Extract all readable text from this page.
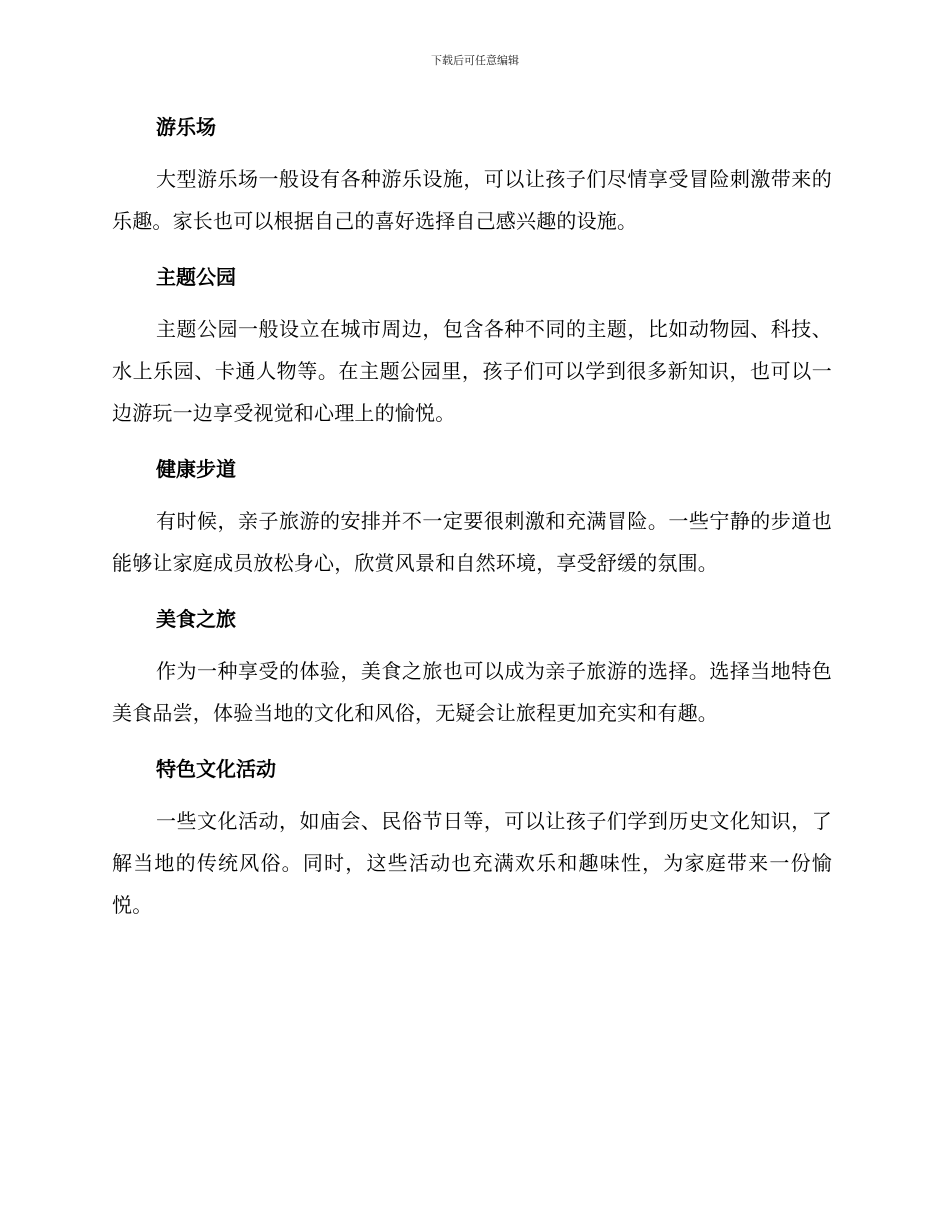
下载后可任意编辑
游乐场

大型游乐场一般设有各种游乐设施，可以让孩子们尽情享受冒险刺激带来的乐趣。家长也可以根据自己的喜好选择自己感兴趣的设施。

主题公园

主题公园一般设立在城市周边，包含各种不同的主题，比如动物园、科技、水上乐园、卡通人物等。在主题公园里，孩子们可以学到很多新知识，也可以一边游玩一边享受视觉和心理上的愉悦。

健康步道

有时候，亲子旅游的安排并不一定要很刺激和充满冒险。一些宁静的步道也能够让家庭成员放松身心，欣赏风景和自然环境，享受舒缓的氛围。

美食之旅

作为一种享受的体验，美食之旅也可以成为亲子旅游的选择。选择当地特色美食品尝，体验当地的文化和风俗，无疑会让旅程更加充实和有趣。

特色文化活动

一些文化活动，如庙会、民俗节日等，可以让孩子们学到历史文化知识，了解当地的传统风俗。同时，这些活动也充满欢乐和趣味性，为家庭带来一份愉悦。
